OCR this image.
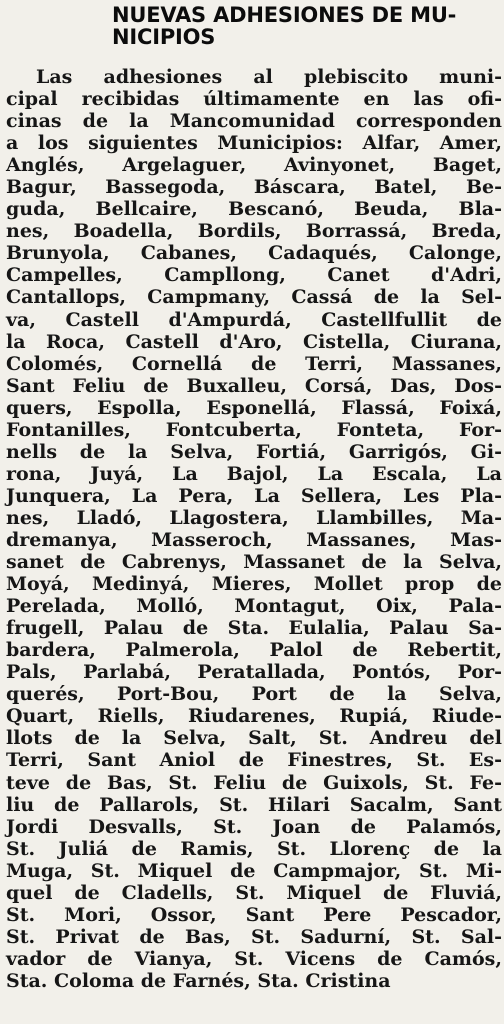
NUEVAS ADHESIONES DE MU-
NICIPIOS
Las adhesiones al plebiscito muni-
cipal recibidas últimamente en las ofi-
cinas de la Mancomunidad corresponden
a los siguientes Municipios: Alfar, Amer,
Anglés, Argelaguer, Avinyonet, Baget,
Bagur, Bassegoda, Báscara, Batel, Be-
guda, Bellcaire, Bescanó, Beuda, Bla-
nes, Boadella, Bordils, Borrassá, Breda,
Brunyola, Cabanes, Cadaqués, Calonge,
Campelles, Campllong, Canet d'Adri,
Cantallops, Campmany, Cassá de la Sel-
va, Castell d'Ampurdá, Castellfullit de
la Roca, Castell d'Aro, Cistella, Ciurana,
Colomés, Cornellá de Terri, Massanes,
Sant Feliu de Buxalleu, Corsá, Das, Dos-
quers, Espolla, Esponellá, Flassá, Foixá,
Fontanilles, Fontcuberta, Fonteta, For-
nells de la Selva, Fortiá, Garrigós, Gi-
rona, Juyá, La Bajol, La Escala, La
Junquera, La Pera, La Sellera, Les Pla-
nes, Lladó, Llagostera, Llambilles, Ma-
dremanya, Masseroch, Massanes, Mas-
sanet de Cabrenys, Massanet de la Selva,
Moyá, Medinyá, Mieres, Mollet prop de
Perelada, Molló, Montagut, Oix, Pala-
frugell, Palau de Sta. Eulalia, Palau Sa-
bardera, Palmerola, Palol de Rebertit,
Pals, Parlabá, Peratallada, Pontós, Por-
querés, Port-Bou, Port de la Selva,
Quart, Riells, Riudarenes, Rupiá, Riude-
llots de la Selva, Salt, St. Andreu del
Terri, Sant Aniol de Finestres, St. Es-
teve de Bas, St. Feliu de Guixols, St. Fe-
liu de Pallarols, St. Hilari Sacalm, Sant
Jordi Desvalls, St. Joan de Palamós,
St. Juliá de Ramis, St. Llorenç de la
Muga, St. Miquel de Campmajor, St. Mi-
quel de Cladells, St. Miquel de Fluviá,
St. Mori, Ossor, Sant Pere Pescador,
St. Privat de Bas, St. Sadurní, St. Sal-
vador de Vianya, St. Vicens de Camós,
Sta. Coloma de Farnés, Sta. Cristina
